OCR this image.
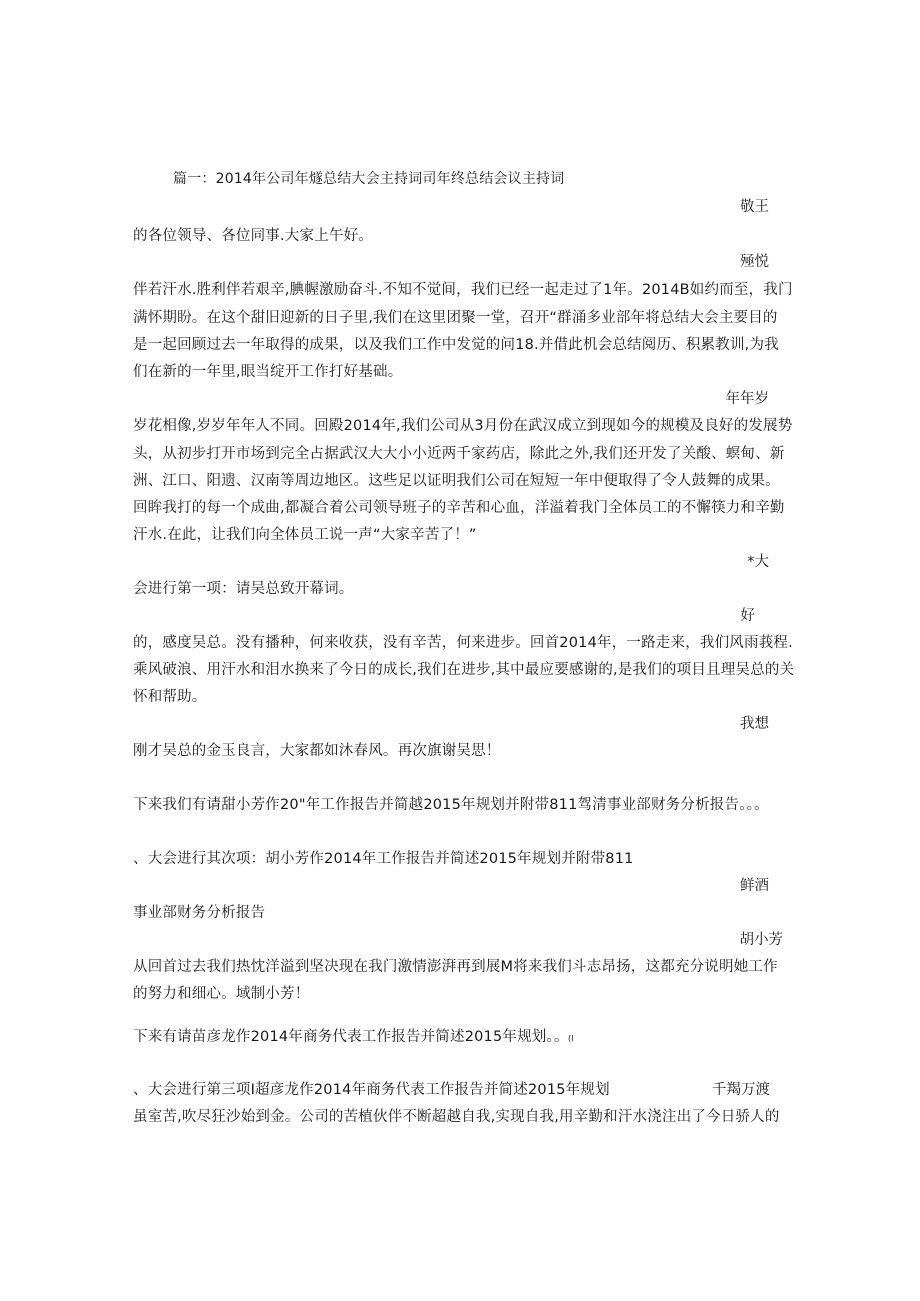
篇一：2014年公司年燧总结大会主持词司年终总结会议主持词
敬王
的各位领导、各位同事.大家上午好。
殛悦
伴若汗水.胜利伴若艰辛,腆幄激励奋斗.不知不觉间，我们已经一起走过了1年。2014B如约而至，我门
满怀期盼。在这个甜旧迎新的日子里,我们在这里团聚一堂，召开“群涌多业部年将总结大会主要目的
是一起回顾过去一年取得的成果，以及我们工作中发觉的问18.并借此机会总结阅历、积累教训,为我
们在新的一年里,眼当绽开工作打好基础。
年年岁
岁花相像,岁岁年年人不同。回殿2014年,我们公司从3月份在武汉成立到现如今的规模及良好的发展势
头，从初步打开市场到完全占据武汉大大小小近两千家药店，除此之外,我们还开发了关酸、螟甸、新
洲、江口、阳遗、汉南等周边地区。这些足以证明我们公司在短短一年中便取得了令人鼓舞的成果。
回眸我打的每一个成曲,都凝合着公司领导班子的辛苦和心血，洋溢着我门全体员工的不懈筷力和辛勤
汗水.在此，让我们向全体员工说一声“大家辛苦了！”
*大
会进行第一项：请吴总致开幕词。
好
的，感度吴总。没有播种，何来收获，没有辛苦，何来进步。回首2014年，一路走来，我们风雨莪程.
乘风破浪、用汗水和泪水换来了今日的成长,我们在进步,其中最应要感谢的,是我们的项目且理吴总的关
怀和帮助。
我想
刚才吴总的金玉良言，大家都如沐春风。再次旗谢吴思！
下来我们有请甜小芳作20"年工作报告并简越2015年规划并附带811驾清事业部财务分析报告。。。
、大会进行其次项：胡小芳作2014年工作报告并简述2015年规划并附带811
鲜酒
事业部财务分析报告
胡小芳
从回首过去我们热忱洋溢到坚决现在我门激情澎湃再到展M将来我们斗志昂扬，这都充分说明她工作
的努力和细心。域制小芳！
下来有请苗彦龙作2014年商务代表工作报告并简述2015年规划。。 (I
、大会进行第三项Ⅰ超彦龙作2014年商务代表工作报告并简述2015年规划	千羯万渡
虽室苦,吹尽狂沙始到金。公司的苦植伙伴不断超越自我,实现自我,用辛勤和汗水浇注出了今日骄人的
